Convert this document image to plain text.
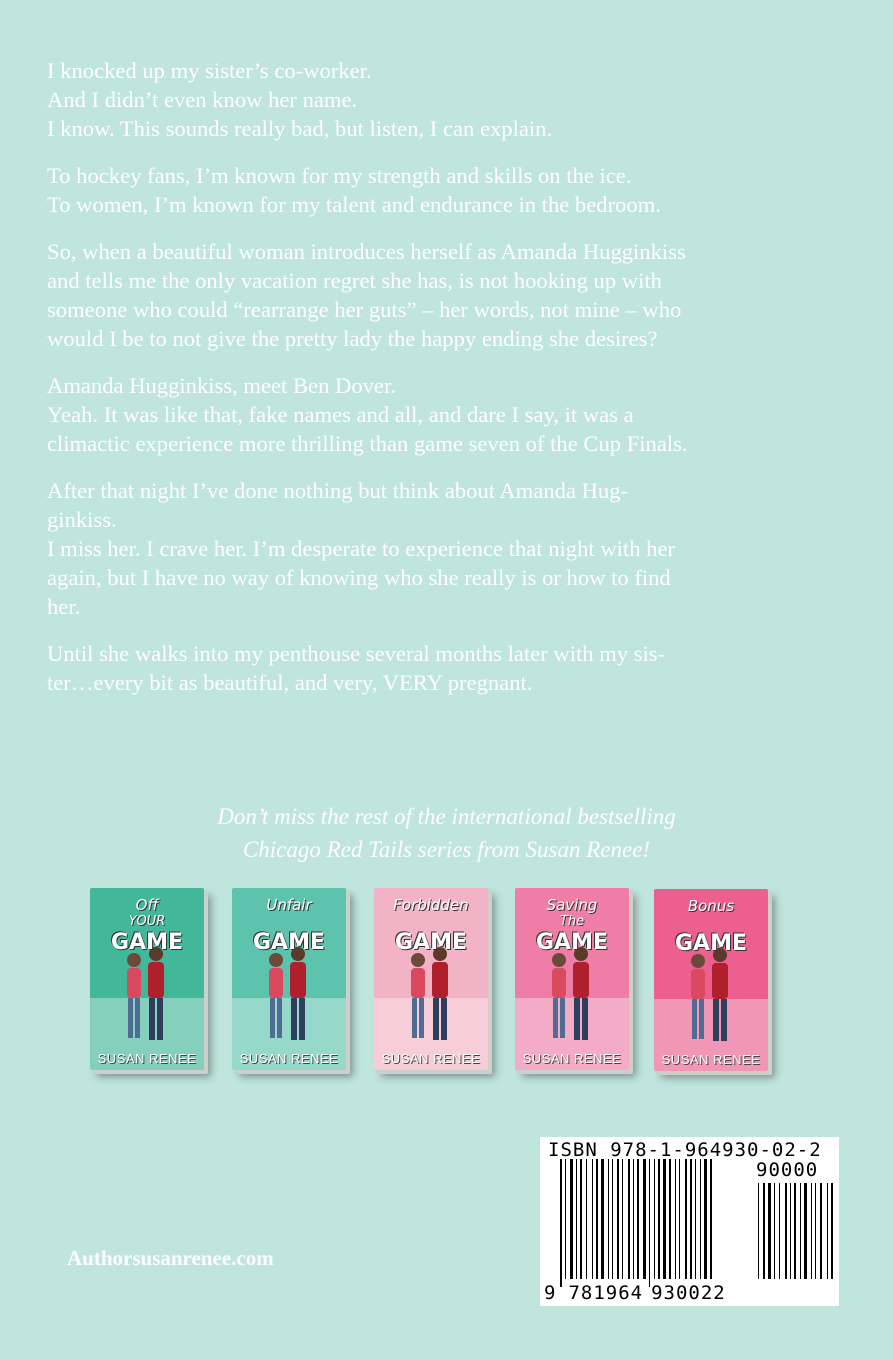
I knocked up my sister’s co-worker.
And I didn’t even know her name.
I know. This sounds really bad, but listen, I can explain.

To hockey fans, I’m known for my strength and skills on the ice.
To women, I’m known for my talent and endurance in the bedroom.

So, when a beautiful woman introduces herself as Amanda Hugginkiss
and tells me the only vacation regret she has, is not hooking up with
someone who could “rearrange her guts” – her words, not mine – who
would I be to not give the pretty lady the happy ending she desires?

Amanda Hugginkiss, meet Ben Dover.
Yeah. It was like that, fake names and all, and dare I say, it was a
climactic experience more thrilling than game seven of the Cup Finals.

After that night I’ve done nothing but think about Amanda Hug-
ginkiss.
I miss her. I crave her. I’m desperate to experience that night with her
again, but I have no way of knowing who she really is or how to find
her.

Until she walks into my penthouse several months later with my sis-
ter…every bit as beautiful, and very, VERY pregnant.

Don’t miss the rest of the international bestselling
Chicago Red Tails series from Susan Renee!
Off
YOUR
GAME
SUSAN RENEE
Unfair
GAME
SUSAN RENEE
Forbidden
GAME
SUSAN RENEE
Saving
The
GAME
SUSAN RENEE
Bonus
GAME
SUSAN RENEE
Authorsusanrenee.com
ISBN 978-1-964930-02-2
90000
9 781964 930022
